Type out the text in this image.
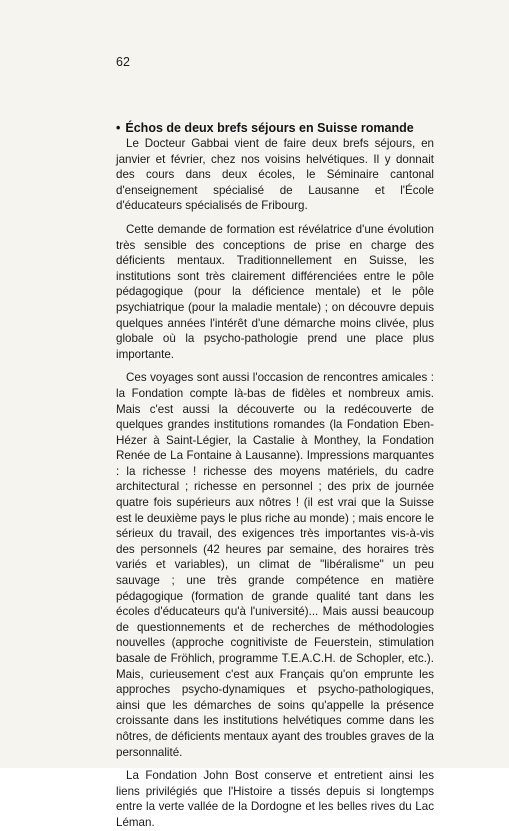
62
• Échos de deux brefs séjours en Suisse romande

Le Docteur Gabbai vient de faire deux brefs séjours, en janvier et février, chez nos voisins helvétiques. Il y donnait des cours dans deux écoles, le Séminaire cantonal d'enseignement spécialisé de Lausanne et l'École d'éducateurs spécialisés de Fribourg.

Cette demande de formation est révélatrice d'une évolution très sensible des conceptions de prise en charge des déficients mentaux. Traditionnellement en Suisse, les institutions sont très clairement différenciées entre le pôle pédagogique (pour la déficience mentale) et le pôle psychiatrique (pour la maladie mentale) ; on découvre depuis quelques années l'intérêt d'une démarche moins clivée, plus globale où la psycho-pathologie prend une place plus importante.

Ces voyages sont aussi l'occasion de rencontres amicales : la Fondation compte là-bas de fidèles et nombreux amis. Mais c'est aussi la découverte ou la redécouverte de quelques grandes institutions romandes (la Fondation Eben-Hézer à Saint-Légier, la Castalie à Monthey, la Fondation Renée de La Fontaine à Lausanne). Impressions marquantes : la richesse ! richesse des moyens matériels, du cadre architectural ; richesse en personnel ; des prix de journée quatre fois supérieurs aux nôtres ! (il est vrai que la Suisse est le deuxième pays le plus riche au monde) ; mais encore le sérieux du travail, des exigences très importantes vis-à-vis des personnels (42 heures par semaine, des horaires très variés et variables), un climat de "libéralisme" un peu sauvage ; une très grande compétence en matière pédagogique (formation de grande qualité tant dans les écoles d'éducateurs qu'à l'université)... Mais aussi beaucoup de questionnements et de recherches de méthodologies nouvelles (approche cognitiviste de Feuerstein, stimulation basale de Fröhlich, programme T.E.A.C.H. de Schopler, etc.). Mais, curieusement c'est aux Français qu'on emprunte les approches psycho-dynamiques et psycho-pathologiques, ainsi que les démarches de soins qu'appelle la présence croissante dans les institutions helvétiques comme dans les nôtres, de déficients mentaux ayant des troubles graves de la personnalité.

La Fondation John Bost conserve et entretient ainsi les liens privilégiés que l'Histoire a tissés depuis si longtemps entre la verte vallée de la Dordogne et les belles rives du Lac Léman.
